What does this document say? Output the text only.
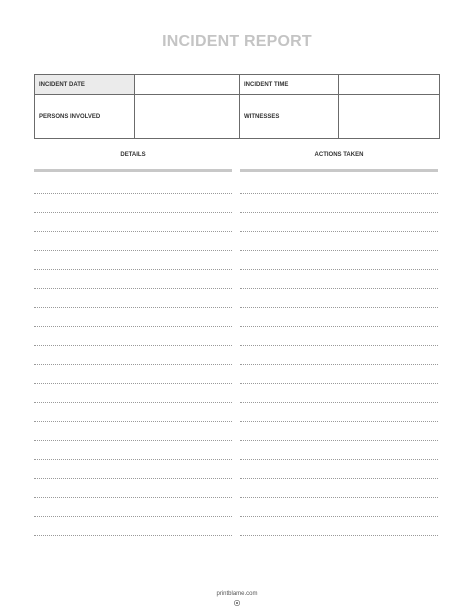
INCIDENT REPORT
INCIDENT DATE		INCIDENT TIME	
PERSONS INVOLVED		WITNESSES	
DETAILS	ACTIONS TAKEN
printblame.com
